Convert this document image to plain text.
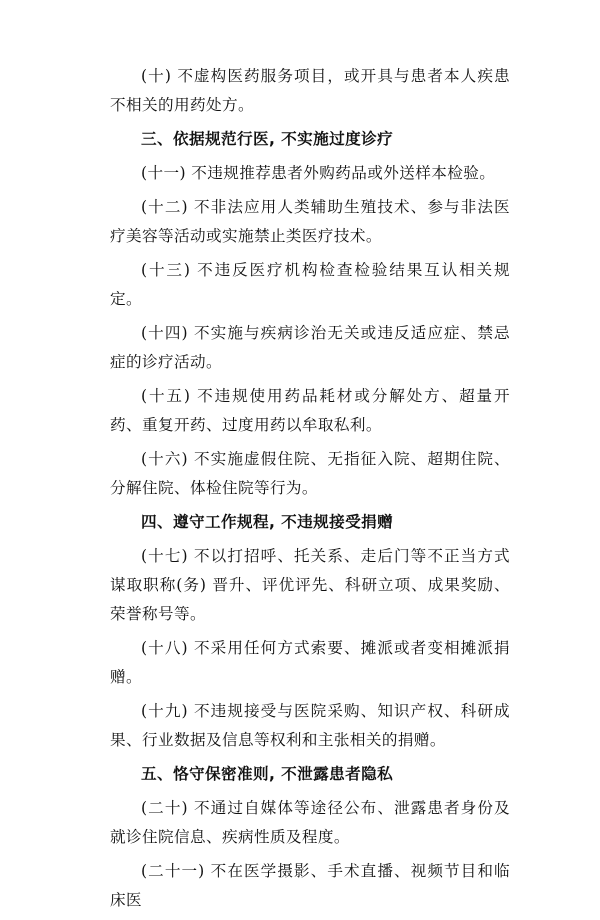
(十) 不虚构医药服务项目，或开具与患者本人疾患不相关的用药处方。

三、依据规范行医, 不实施过度诊疗

(十一) 不违规推荐患者外购药品或外送样本检验。

(十二) 不非法应用人类辅助生殖技术、参与非法医疗美容等活动或实施禁止类医疗技术。

(十三) 不违反医疗机构检查检验结果互认相关规定。

(十四) 不实施与疾病诊治无关或违反适应症、禁忌症的诊疗活动。

(十五) 不违规使用药品耗材或分解处方、超量开药、重复开药、过度用药以牟取私利。

(十六) 不实施虚假住院、无指征入院、超期住院、分解住院、体检住院等行为。

四、遵守工作规程, 不违规接受捐赠

(十七) 不以打招呼、托关系、走后门等不正当方式谋取职称(务) 晋升、评优评先、科研立项、成果奖励、荣誉称号等。

(十八) 不采用任何方式索要、摊派或者变相摊派捐赠。

(十九) 不违规接受与医院采购、知识产权、科研成果、行业数据及信息等权利和主张相关的捐赠。

五、恪守保密准则, 不泄露患者隐私

(二十) 不通过自媒体等途径公布、泄露患者身份及就诊住院信息、疾病性质及程度。

(二十一) 不在医学摄影、手术直播、视频节目和临床医
